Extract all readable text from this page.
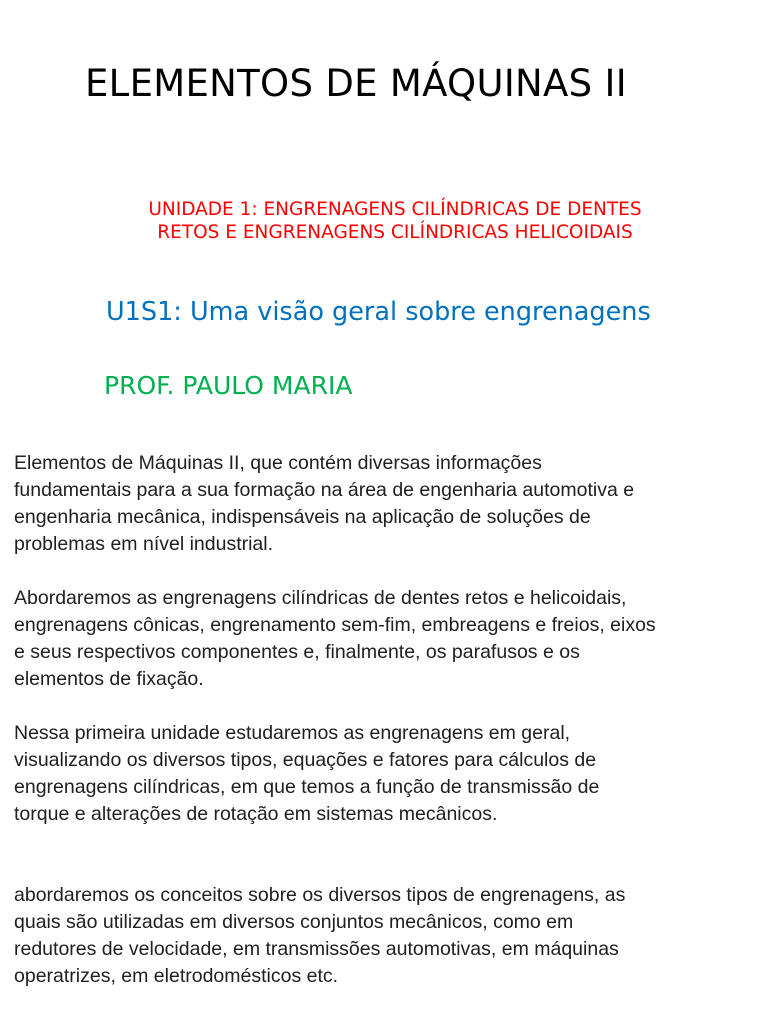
ELEMENTOS DE MÁQUINAS II
UNIDADE 1: ENGRENAGENS CILÍNDRICAS DE DENTES
RETOS E ENGRENAGENS CILÍNDRICAS HELICOIDAIS
U1S1: Uma visão geral sobre engrenagens
PROF. PAULO MARIA

Elementos de Máquinas II, que contém diversas informações
fundamentais para a sua formação na área de engenharia automotiva e
engenharia mecânica, indispensáveis na aplicação de soluções de
problemas em nível industrial.

Abordaremos as engrenagens cilíndricas de dentes retos e helicoidais,
engrenagens cônicas, engrenamento sem-fim, embreagens e freios, eixos
e seus respectivos componentes e, finalmente, os parafusos e os
elementos de fixação.

Nessa primeira unidade estudaremos as engrenagens em geral,
visualizando os diversos tipos, equações e fatores para cálculos de
engrenagens cilíndricas, em que temos a função de transmissão de
torque e alterações de rotação em sistemas mecânicos.

abordaremos os conceitos sobre os diversos tipos de engrenagens, as
quais são utilizadas em diversos conjuntos mecânicos, como em
redutores de velocidade, em transmissões automotivas, em máquinas
operatrizes, em eletrodomésticos etc.
